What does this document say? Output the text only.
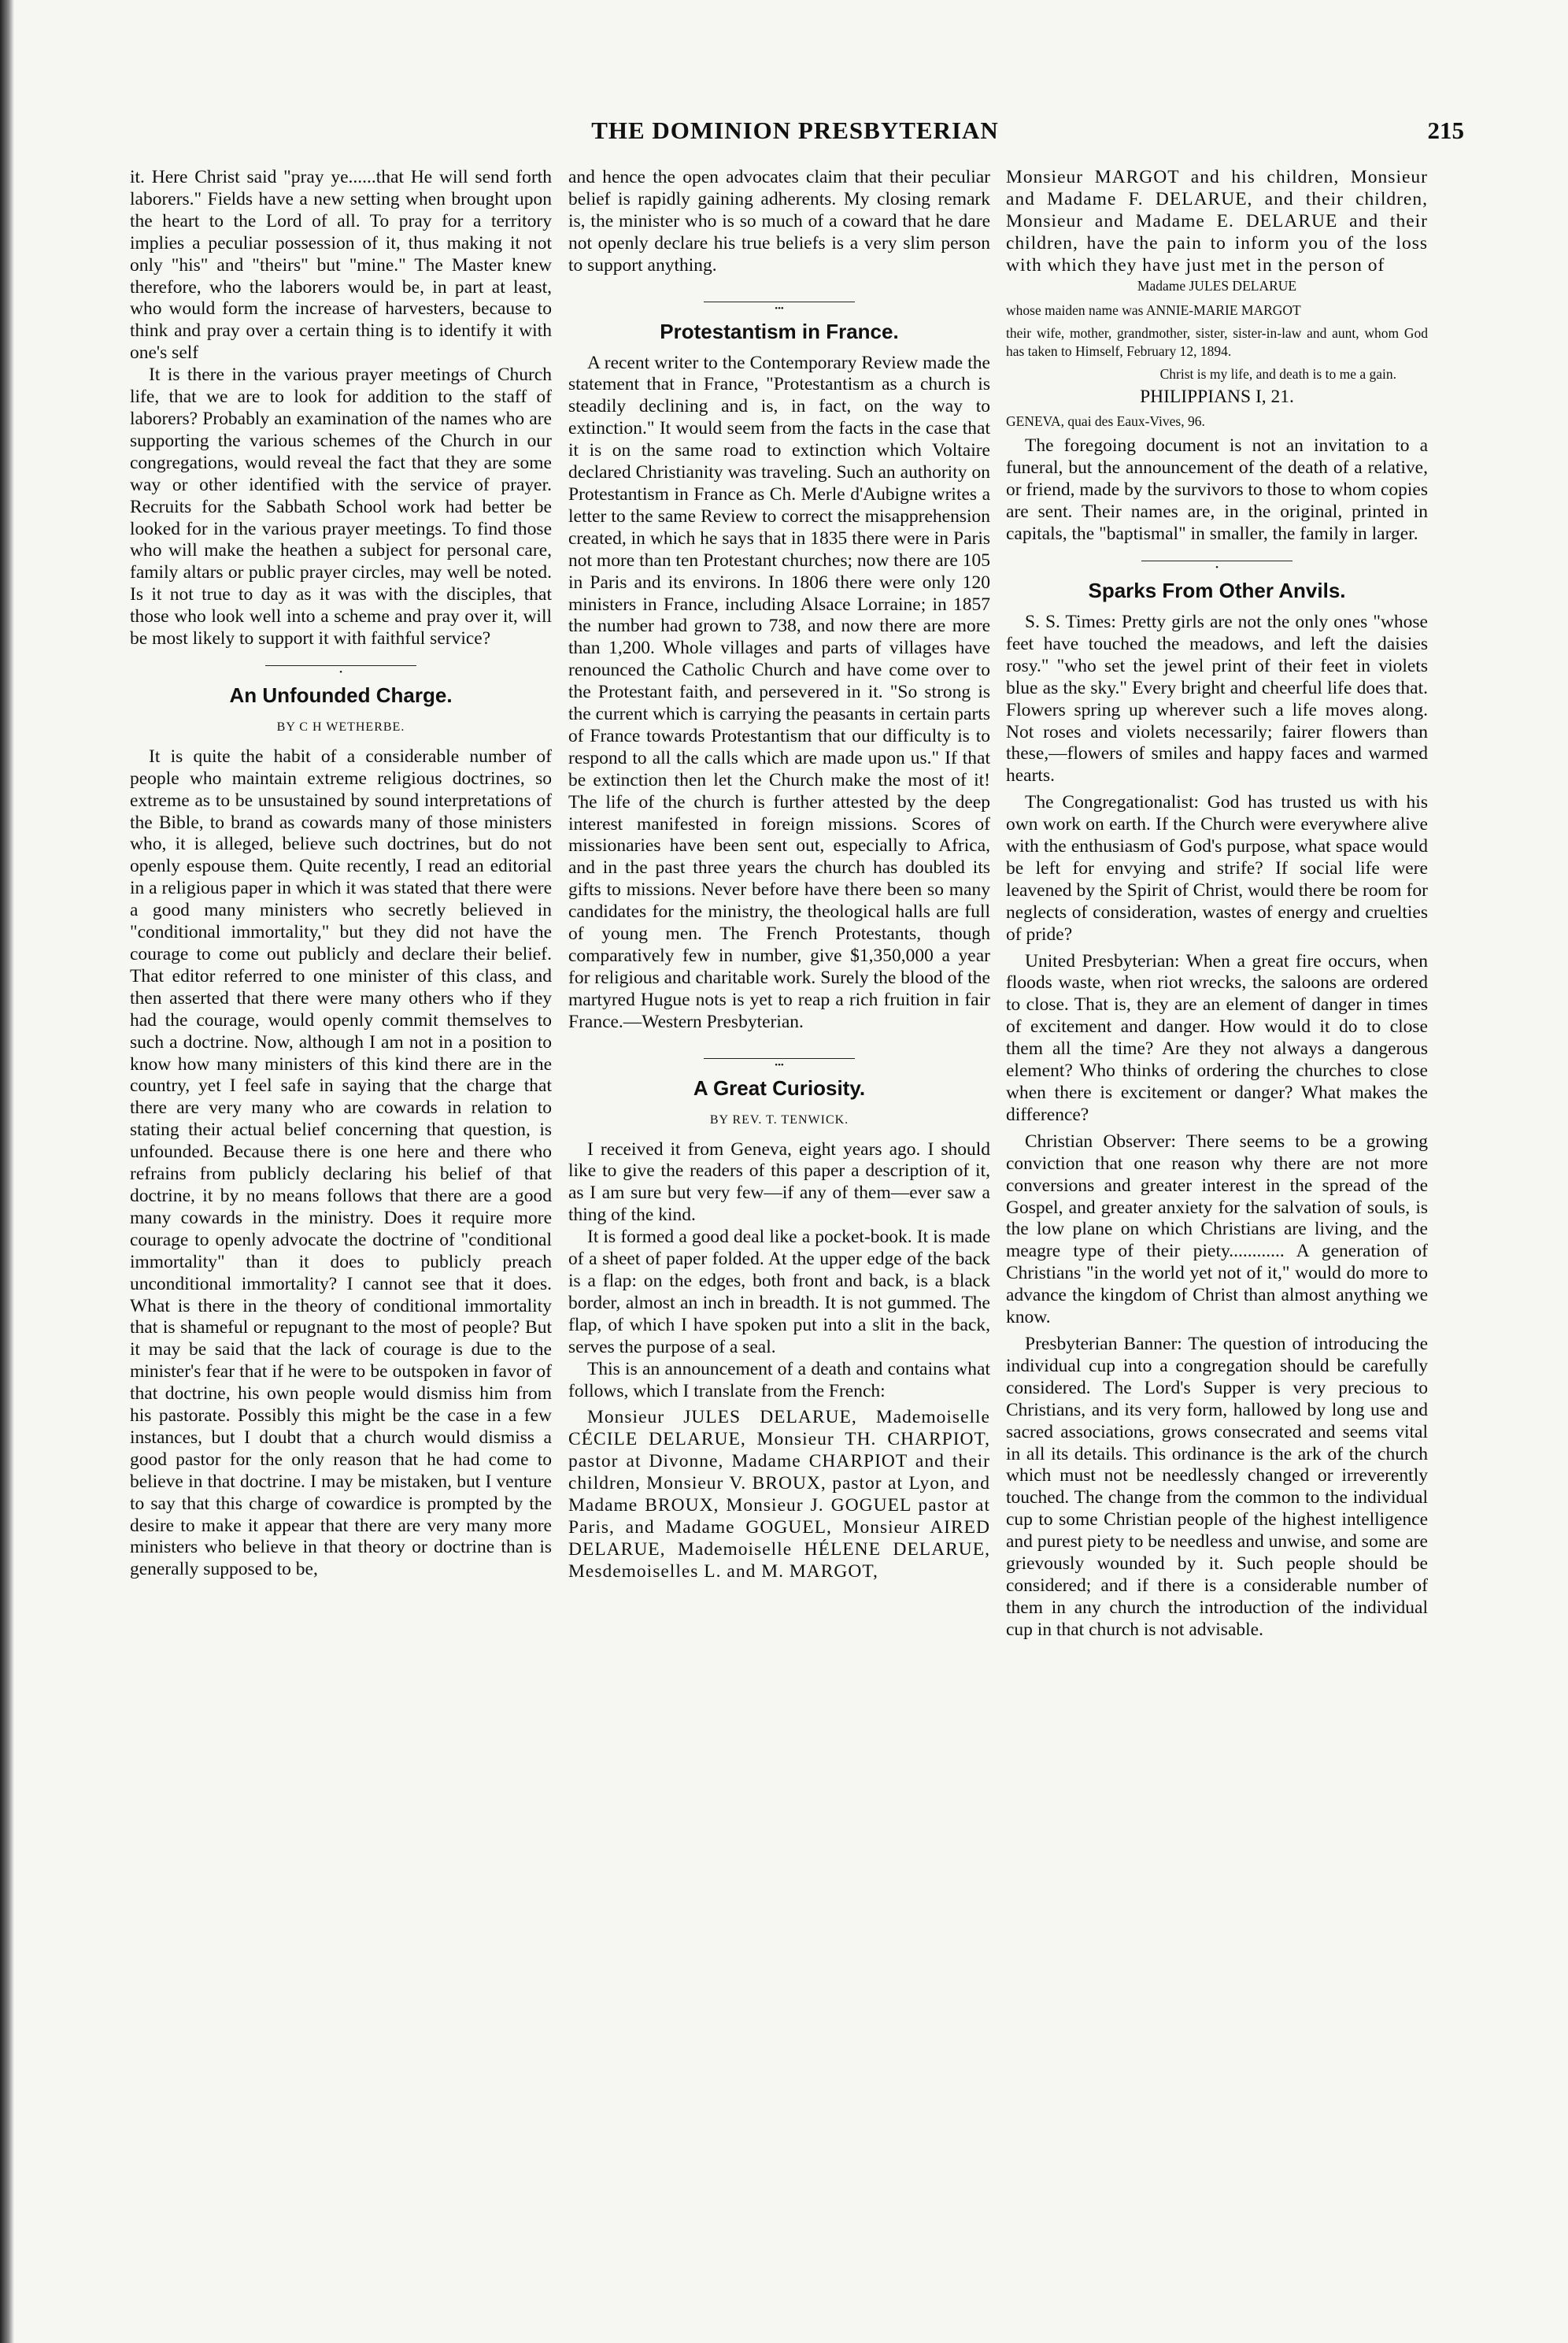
THE DOMINION PRESBYTERIAN	215

it. Here Christ said "pray ye......that He will send forth laborers." Fields have a new setting when brought upon the heart to the Lord of all. To pray for a territory implies a peculiar possession of it, thus making it not only "his" and "theirs" but "mine." The Master knew therefore, who the laborers would be, in part at least, who would form the increase of harvesters, because to think and pray over a certain thing is to identify it with one's self

It is there in the various prayer meetings of Church life, that we are to look for addition to the staff of laborers? Probably an examination of the names who are supporting the various schemes of the Church in our congregations, would reveal the fact that they are some way or other identified with the service of prayer. Recruits for the Sabbath School work had better be looked for in the various prayer meetings. To find those who will make the heathen a subject for personal care, family altars or public prayer circles, may well be noted. Is it not true to day as it was with the disciples, that those who look well into a scheme and pray over it, will be most likely to support it with faithful service?

•
An Unfounded Charge.
BY C H WETHERBE.

It is quite the habit of a considerable number of people who maintain extreme religious doctrines, so extreme as to be unsustained by sound interpretations of the Bible, to brand as cowards many of those ministers who, it is alleged, believe such doctrines, but do not openly espouse them. Quite recently, I read an editorial in a religious paper in which it was stated that there were a good many ministers who secretly believed in "conditional immortality," but they did not have the courage to come out publicly and declare their belief. That editor referred to one minister of this class, and then asserted that there were many others who if they had the courage, would openly commit themselves to such a doctrine. Now, although I am not in a position to know how many ministers of this kind there are in the country, yet I feel safe in saying that the charge that there are very many who are cowards in relation to stating their actual belief concerning that question, is unfounded. Because there is one here and there who refrains from publicly declaring his belief of that doctrine, it by no means follows that there are a good many cowards in the ministry. Does it require more courage to openly advocate the doctrine of "conditional immortality" than it does to publicly preach unconditional immortality? I cannot see that it does. What is there in the theory of conditional immortality that is shameful or repugnant to the most of people? But it may be said that the lack of courage is due to the minister's fear that if he were to be outspoken in favor of that doctrine, his own people would dismiss him from his pastorate. Possibly this might be the case in a few instances, but I doubt that a church would dismiss a good pastor for the only reason that he had come to believe in that doctrine. I may be mistaken, but I venture to say that this charge of cowardice is prompted by the desire to make it appear that there are very many more ministers who believe in that theory or doctrine than is generally supposed to be,

and hence the open advocates claim that their peculiar belief is rapidly gaining adherents. My closing remark is, the minister who is so much of a coward that he dare not openly declare his true beliefs is a very slim person to support anything.

•••
Protestantism in France.

A recent writer to the Contemporary Review made the statement that in France, "Protestantism as a church is steadily declining and is, in fact, on the way to extinction." It would seem from the facts in the case that it is on the same road to extinction which Voltaire declared Christianity was traveling. Such an authority on Protestantism in France as Ch. Merle d'Aubigne writes a letter to the same Review to correct the misapprehension created, in which he says that in 1835 there were in Paris not more than ten Protestant churches; now there are 105 in Paris and its environs. In 1806 there were only 120 ministers in France, including Alsace Lorraine; in 1857 the number had grown to 738, and now there are more than 1,200. Whole villages and parts of villages have renounced the Catholic Church and have come over to the Protestant faith, and persevered in it. "So strong is the current which is carrying the peasants in certain parts of France towards Protestantism that our difficulty is to respond to all the calls which are made upon us." If that be extinction then let the Church make the most of it! The life of the church is further attested by the deep interest manifested in foreign missions. Scores of missionaries have been sent out, especially to Africa, and in the past three years the church has doubled its gifts to missions. Never before have there been so many candidates for the ministry, the theological halls are full of young men. The French Protestants, though comparatively few in number, give $1,350,000 a year for religious and charitable work. Surely the blood of the martyred Hugue nots is yet to reap a rich fruition in fair France.—Western Presbyterian.

•••
A Great Curiosity.
BY REV. T. TENWICK.

I received it from Geneva, eight years ago. I should like to give the readers of this paper a description of it, as I am sure but very few—if any of them—ever saw a thing of the kind.

It is formed a good deal like a pocket-book. It is made of a sheet of paper folded. At the upper edge of the back is a flap: on the edges, both front and back, is a black border, almost an inch in breadth. It is not gummed. The flap, of which I have spoken put into a slit in the back, serves the purpose of a seal.

This is an announcement of a death and contains what follows, which I translate from the French:

Monsieur JULES DELARUE, Mademoiselle CÉCILE DELARUE, Monsieur TH. CHARPIOT, pastor at Divonne, Madame CHARPIOT and their children, Monsieur V. BROUX, pastor at Lyon, and Madame BROUX, Monsieur J. GOGUEL pastor at Paris, and Madame GOGUEL, Monsieur AIRED DELARUE, Mademoiselle HÉLENE DELARUE, Mesdemoiselles L. and M. MARGOT,

Monsieur MARGOT and his children, Monsieur and Madame F. DELARUE, and their children, Monsieur and Madame E. DELARUE and their children, have the pain to inform you of the loss with which they have just met in the person of

Madame JULES DELARUE
whose maiden name was ANNIE-MARIE MARGOT
their wife, mother, grandmother, sister, sister-in-law and aunt, whom God has taken to Himself, February 12, 1894.
Christ is my life, and death is to me a gain.
PHILIPPIANS I, 21.
GENEVA, quai des Eaux-Vives, 96.

The foregoing document is not an invitation to a funeral, but the announcement of the death of a relative, or friend, made by the survivors to those to whom copies are sent. Their names are, in the original, printed in capitals, the "baptismal" in smaller, the family in larger.

•
Sparks From Other Anvils.

S. S. Times: Pretty girls are not the only ones "whose feet have touched the meadows, and left the daisies rosy." "who set the jewel print of their feet in violets blue as the sky." Every bright and cheerful life does that. Flowers spring up wherever such a life moves along. Not roses and violets necessarily; fairer flowers than these,—flowers of smiles and happy faces and warmed hearts.

The Congregationalist: God has trusted us with his own work on earth. If the Church were everywhere alive with the enthusiasm of God's purpose, what space would be left for envying and strife? If social life were leavened by the Spirit of Christ, would there be room for neglects of consideration, wastes of energy and cruelties of pride?

United Presbyterian: When a great fire occurs, when floods waste, when riot wrecks, the saloons are ordered to close. That is, they are an element of danger in times of excitement and danger. How would it do to close them all the time? Are they not always a dangerous element? Who thinks of ordering the churches to close when there is excitement or danger? What makes the difference?

Christian Observer: There seems to be a growing conviction that one reason why there are not more conversions and greater interest in the spread of the Gospel, and greater anxiety for the salvation of souls, is the low plane on which Christians are living, and the meagre type of their piety............ A generation of Christians "in the world yet not of it," would do more to advance the kingdom of Christ than almost anything we know.

Presbyterian Banner: The question of introducing the individual cup into a congregation should be carefully considered. The Lord's Supper is very precious to Christians, and its very form, hallowed by long use and sacred associations, grows consecrated and seems vital in all its details. This ordinance is the ark of the church which must not be needlessly changed or irreverently touched. The change from the common to the individual cup to some Christian people of the highest intelligence and purest piety to be needless and unwise, and some are grievously wounded by it. Such people should be considered; and if there is a considerable number of them in any church the introduction of the individual cup in that church is not advisable.
